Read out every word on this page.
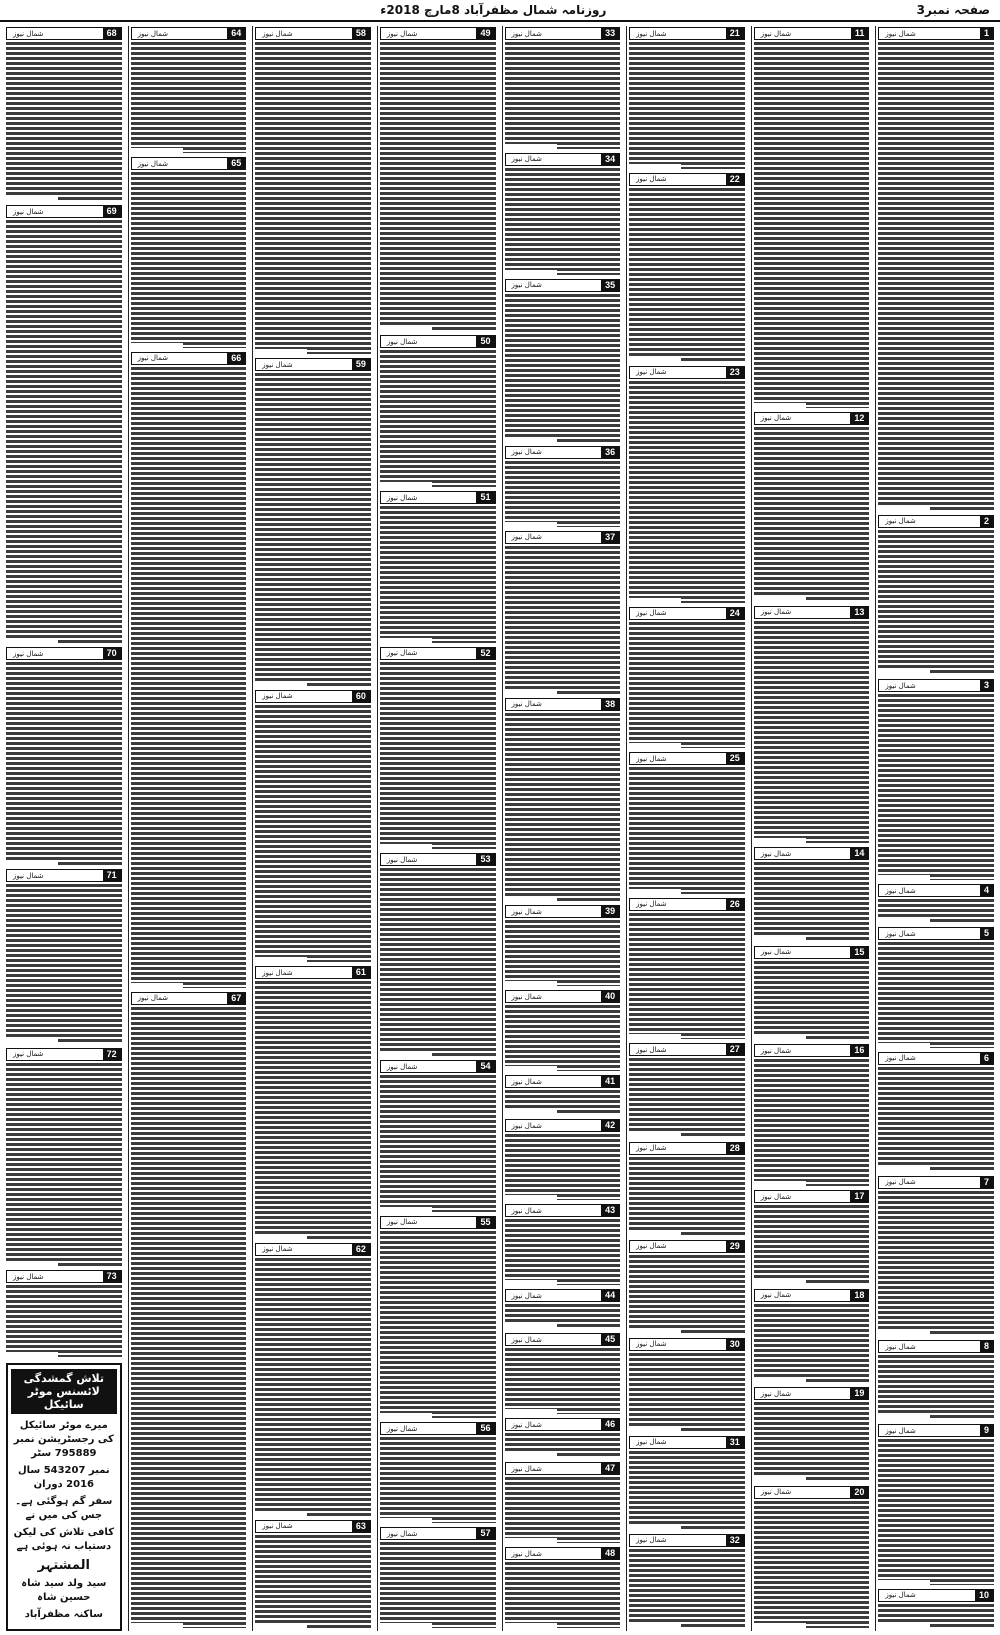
صفحہ نمبر3
روزنامہ شمال مظفرآباد 8مارچ 2018ء
1
شمال نیوز
2
شمال نیوز
3
شمال نیوز
4
شمال نیوز
5
شمال نیوز
6
شمال نیوز
7
شمال نیوز
8
شمال نیوز
9
شمال نیوز
10
شمال نیوز
11
شمال نیوز
12
شمال نیوز
13
شمال نیوز
14
شمال نیوز
15
شمال نیوز
16
شمال نیوز
17
شمال نیوز
18
شمال نیوز
19
شمال نیوز
20
شمال نیوز
21
شمال نیوز
22
شمال نیوز
23
شمال نیوز
24
شمال نیوز
25
شمال نیوز
26
شمال نیوز
27
شمال نیوز
28
شمال نیوز
29
شمال نیوز
30
شمال نیوز
31
شمال نیوز
32
شمال نیوز
33
شمال نیوز
34
شمال نیوز
35
شمال نیوز
36
شمال نیوز
37
شمال نیوز
38
شمال نیوز
39
شمال نیوز
40
شمال نیوز
41
شمال نیوز
42
شمال نیوز
43
شمال نیوز
44
شمال نیوز
45
شمال نیوز
46
شمال نیوز
47
شمال نیوز
48
شمال نیوز
49
شمال نیوز
50
شمال نیوز
51
شمال نیوز
52
شمال نیوز
53
شمال نیوز
54
شمال نیوز
55
شمال نیوز
56
شمال نیوز
57
شمال نیوز
58
شمال نیوز
59
شمال نیوز
60
شمال نیوز
61
شمال نیوز
62
شمال نیوز
63
شمال نیوز
64
شمال نیوز
65
شمال نیوز
66
شمال نیوز
67
شمال نیوز
68
شمال نیوز
69
شمال نیوز
70
شمال نیوز
71
شمال نیوز
72
شمال نیوز
73
شمال نیوز
تلاش گمشدگی لائسنس موٹر سائیکل

میرے موٹر سائیکل کی رجسٹریشن نمبر 795889 سٹر

نمبر 543207 سال 2016 دوران

سفر گم ہوگئی ہے۔ جس کی میں نے

کافی تلاش کی لیکن دستیاب نہ ہوئی ہے

المشتہر

سید ولد سید شاہ حسین شاہ

ساکنہ مظفرآباد
